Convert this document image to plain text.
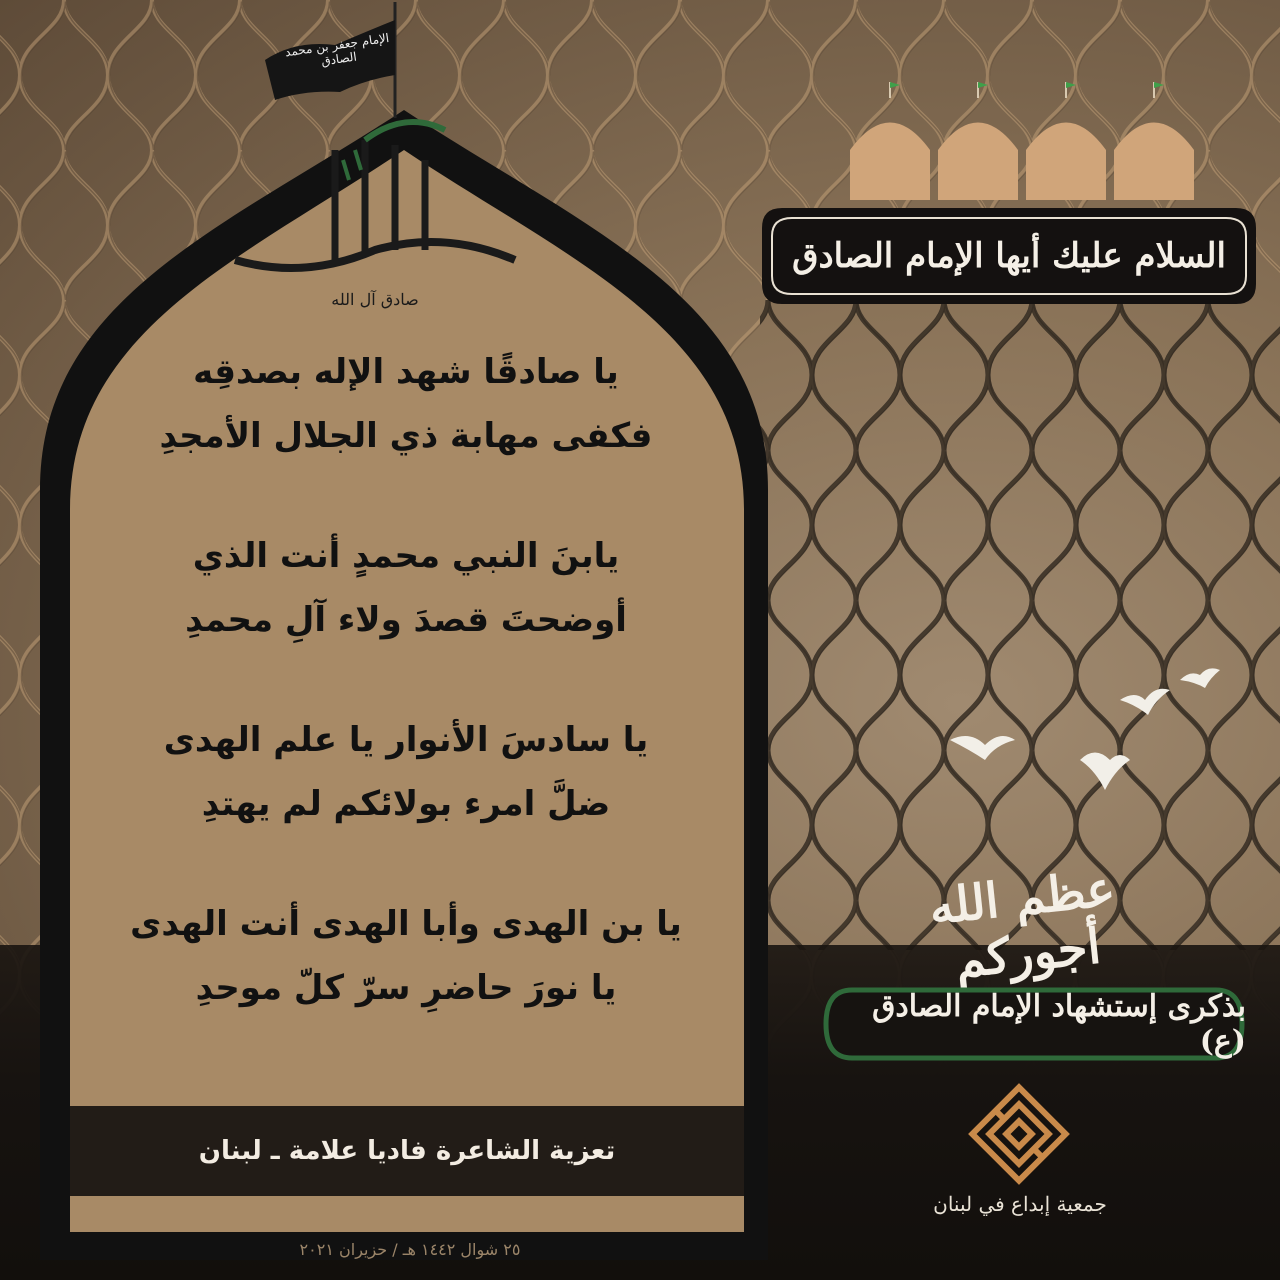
السلام عليك أيها الإمام الصادق
الإمام جعفر بن محمد الصادق
صادق آل الله

يا صادقًا شهد الإله بصدقِه

فكفى مهابة ذي الجلال الأمجدِ

يابنَ النبي محمدٍ أنت الذي

أوضحتَ قصدَ ولاء آلِ محمدِ

يا سادسَ الأنوار يا علم الهدى

ضلَّ امرء بولائكم لم يهتدِ

يا بن الهدى وأبا الهدى أنت الهدى

يا نورَ حاضرِ سرّ كلّ موحدِ

تعزية الشاعرة فاديا علامة ـ لبنان
٢٥ شوال ١٤٤٢ هـ / حزيران ٢٠٢١
عظم الله أجوركم
بذكرى إستشهاد الإمام الصادق (ع)
جمعية إبداع في لبنان
